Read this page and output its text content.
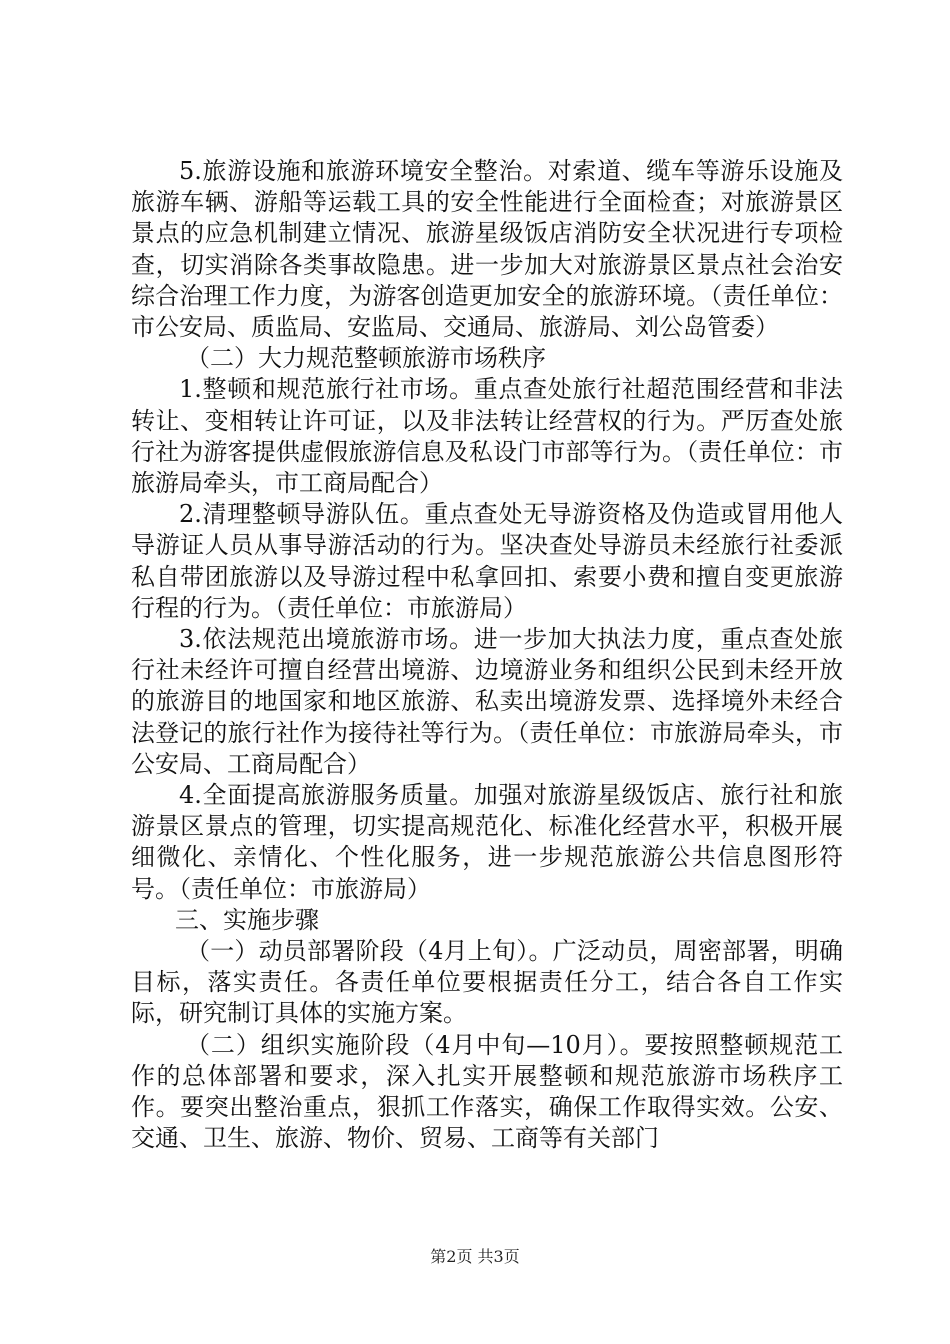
5.旅游设施和旅游环境安全整治。对索道、缆车等游乐设施及旅游车辆、游船等运载工具的安全性能进行全面检查；对旅游景区景点的应急机制建立情况、旅游星级饭店消防安全状况进行专项检查，切实消除各类事故隐患。进一步加大对旅游景区景点社会治安综合治理工作力度，为游客创造更加安全的旅游环境。（责任单位：市公安局、质监局、安监局、交通局、旅游局、刘公岛管委）

（二）大力规范整顿旅游市场秩序

1.整顿和规范旅行社市场。重点查处旅行社超范围经营和非法转让、变相转让许可证，以及非法转让经营权的行为。严厉查处旅行社为游客提供虚假旅游信息及私设门市部等行为。（责任单位：市旅游局牵头，市工商局配合）

2.清理整顿导游队伍。重点查处无导游资格及伪造或冒用他人导游证人员从事导游活动的行为。坚决查处导游员未经旅行社委派私自带团旅游以及导游过程中私拿回扣、索要小费和擅自变更旅游行程的行为。（责任单位：市旅游局）

3.依法规范出境旅游市场。进一步加大执法力度，重点查处旅行社未经许可擅自经营出境游、边境游业务和组织公民到未经开放的旅游目的地国家和地区旅游、私卖出境游发票、选择境外未经合法登记的旅行社作为接待社等行为。（责任单位：市旅游局牵头，市公安局、工商局配合）

4.全面提高旅游服务质量。加强对旅游星级饭店、旅行社和旅游景区景点的管理，切实提高规范化、标准化经营水平，积极开展细微化、亲情化、个性化服务，进一步规范旅游公共信息图形符号。（责任单位：市旅游局）

三、实施步骤

（一）动员部署阶段（4月上旬）。广泛动员，周密部署，明确目标，落实责任。各责任单位要根据责任分工，结合各自工作实际，研究制订具体的实施方案。

（二）组织实施阶段（4月中旬—10月）。要按照整顿规范工作的总体部署和要求，深入扎实开展整顿和规范旅游市场秩序工作。要突出整治重点，狠抓工作落实，确保工作取得实效。公安、交通、卫生、旅游、物价、贸易、工商等有关部门

第2页 共3页
